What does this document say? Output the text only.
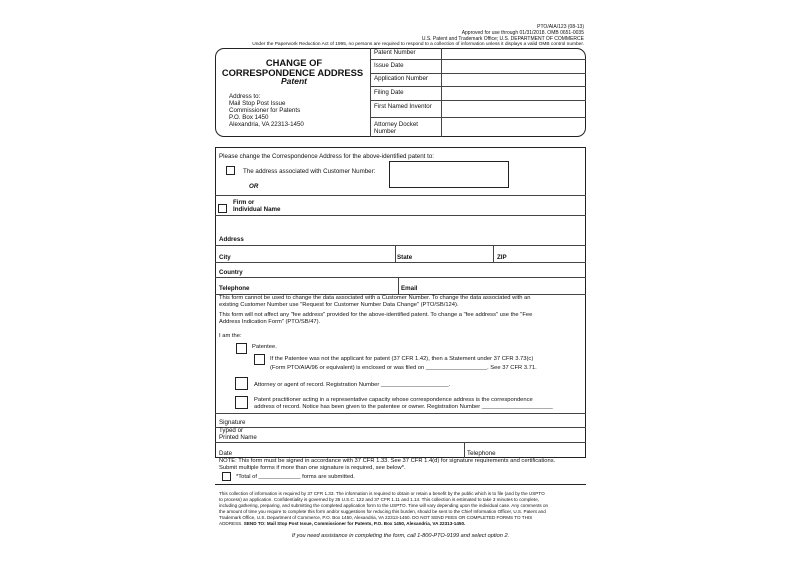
PTO/AIA/123 (08-13)
Approved for use through 01/31/2018. OMB 0651-0035
U.S. Patent and Trademark Office; U.S. DEPARTMENT OF COMMERCE
Under the Paperwork Reduction Act of 1995, no persons are required to respond to a collection of information unless it displays a valid OMB control number.
CHANGE OF
CORRESPONDENCE ADDRESS
Patent
Address to:
Mail Stop Post Issue
Commissioner for Patents
P.O. Box 1450
Alexandria, VA 22313-1450
Patent Number
Issue Date
Application Number
Filing Date
First Named Inventor
Attorney Docket
Number
Please change the Correspondence Address for the above-identified patent to:
The address associated with Customer Number:
OR
Firm or
Individual Name
Address
City	State	ZIP
Country
Telephone	Email
This form cannot be used to change the data associated with a Customer Number. To change the data associated with an
existing Customer Number use "Request for Customer Number Data Change" (PTO/SB/124).
This form will not affect any "fee address" provided for the above-identified patent. To change a "fee address" use the "Fee
Address Indication Form" (PTO/SB/47).
I am the:
Patentee.
If the Patentee was not the applicant for patent (37 CFR 1.42), then a Statement under 37 CFR 3.73(c)
(Form PTO/AIA/96 or equivalent) is enclosed or was filed on ___________________. See 37 CFR 3.71.
Attorney or agent of record. Registration Number _____________________.
Patent practitioner acting in a representative capacity whose correspondence address is the correspondence
address of record. Notice has been given to the patentee or owner. Registration Number ______________________
Signature
Typed or
Printed Name
Date	Telephone
NOTE: This form must be signed in accordance with 37 CFR 1.33. See 37 CFR 1.4(d) for signature requirements and certifications.
Submit multiple forms if more than one signature is required, see below*.
*Total of _____________ forms are submitted.
This collection of information is required by 37 CFR 1.33. The information is required to obtain or retain a benefit by the public which is to file (and by the USPTO
to process) an application. Confidentiality is governed by 35 U.S.C. 122 and 37 CFR 1.11 and 1.14. This collection is estimated to take 3 minutes to complete,
including gathering, preparing, and submitting the completed application form to the USPTO. Time will vary depending upon the individual case. Any comments on
the amount of time you require to complete this form and/or suggestions for reducing this burden, should be sent to the Chief Information Officer, U.S. Patent and
Trademark Office, U.S. Department of Commerce, P.O. Box 1450, Alexandria, VA 22313-1450. DO NOT SEND FEES OR COMPLETED FORMS TO THIS
ADDRESS. SEND TO: Mail Stop Post Issue, Commissioner for Patents, P.O. Box 1450, Alexandria, VA 22313-1450.
If you need assistance in completing the form, call 1-800-PTO-9199 and select option 2.
